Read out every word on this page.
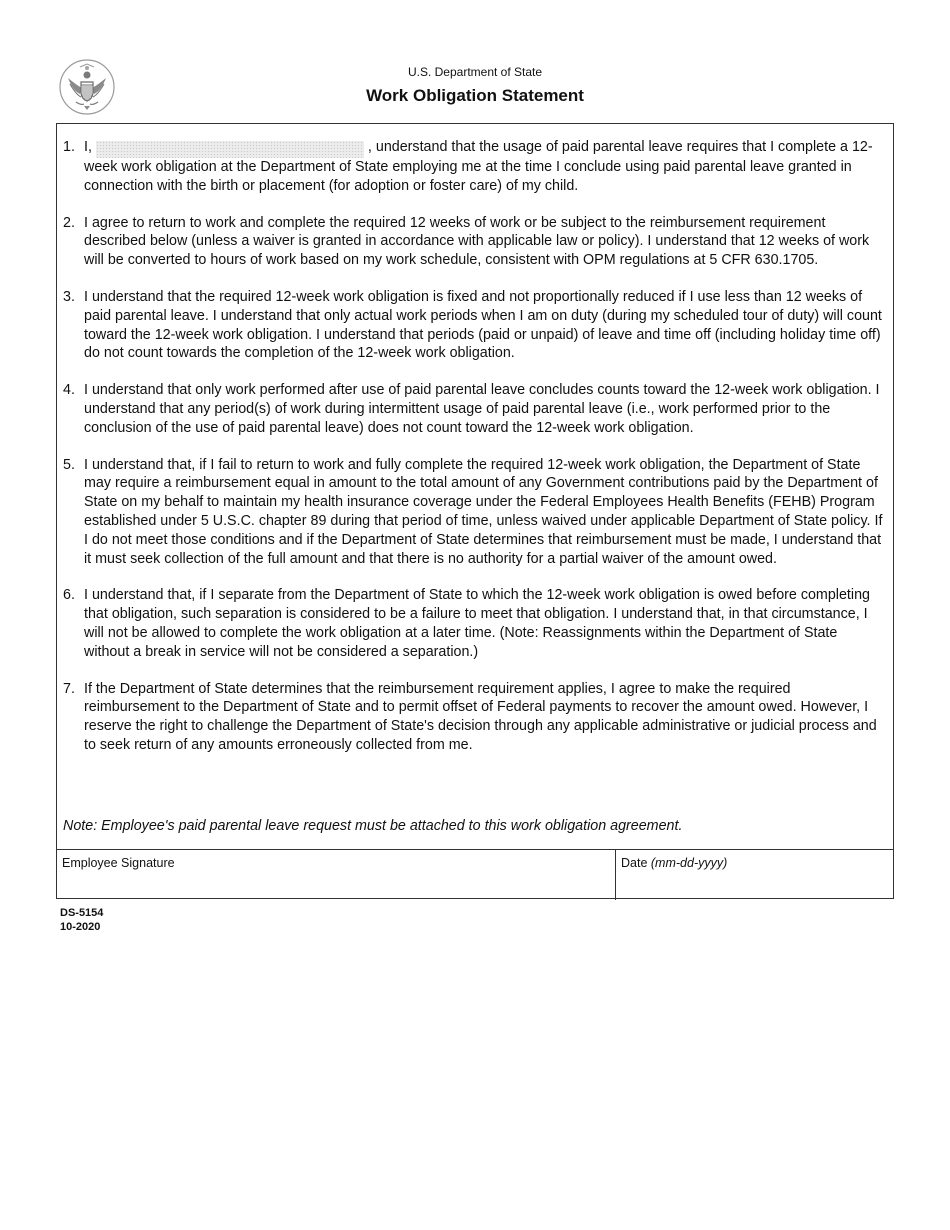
U.S. Department of State
Work Obligation Statement
1. I,	, understand that the usage of paid parental leave requires that I complete a 12-week work obligation at the Department of State employing me at the time I conclude using paid parental leave granted in connection with the birth or placement (for adoption or foster care) of my child.
2. I agree to return to work and complete the required 12 weeks of work or be subject to the reimbursement requirement described below (unless a waiver is granted in accordance with applicable law or policy). I understand that 12 weeks of work will be converted to hours of work based on my work schedule, consistent with OPM regulations at 5 CFR 630.1705.
3. I understand that the required 12-week work obligation is fixed and not proportionally reduced if I use less than 12 weeks of paid parental leave. I understand that only actual work periods when I am on duty (during my scheduled tour of duty) will count toward the 12-week work obligation. I understand that periods (paid or unpaid) of leave and time off (including holiday time off) do not count towards the completion of the 12-week work obligation.
4. I understand that only work performed after use of paid parental leave concludes counts toward the 12-week work obligation. I understand that any period(s) of work during intermittent usage of paid parental leave (i.e., work performed prior to the conclusion of the use of paid parental leave) does not count toward the 12-week work obligation.
5. I understand that, if I fail to return to work and fully complete the required 12-week work obligation, the Department of State may require a reimbursement equal in amount to the total amount of any Government contributions paid by the Department of State on my behalf to maintain my health insurance coverage under the Federal Employees Health Benefits (FEHB) Program established under 5 U.S.C. chapter 89 during that period of time, unless waived under applicable Department of State policy. If I do not meet those conditions and if the Department of State determines that reimbursement must be made, I understand that it must seek collection of the full amount and that there is no authority for a partial waiver of the amount owed.
6. I understand that, if I separate from the Department of State to which the 12-week work obligation is owed before completing that obligation, such separation is considered to be a failure to meet that obligation. I understand that, in that circumstance, I will not be allowed to complete the work obligation at a later time. (Note: Reassignments within the Department of State without a break in service will not be considered a separation.)
7. If the Department of State determines that the reimbursement requirement applies, I agree to make the required reimbursement to the Department of State and to permit offset of Federal payments to recover the amount owed. However, I reserve the right to challenge the Department of State's decision through any applicable administrative or judicial process and to seek return of any amounts erroneously collected from me.
Note: Employee's paid parental leave request must be attached to this work obligation agreement.
Employee Signature	Date (mm-dd-yyyy)
DS-5154
10-2020
